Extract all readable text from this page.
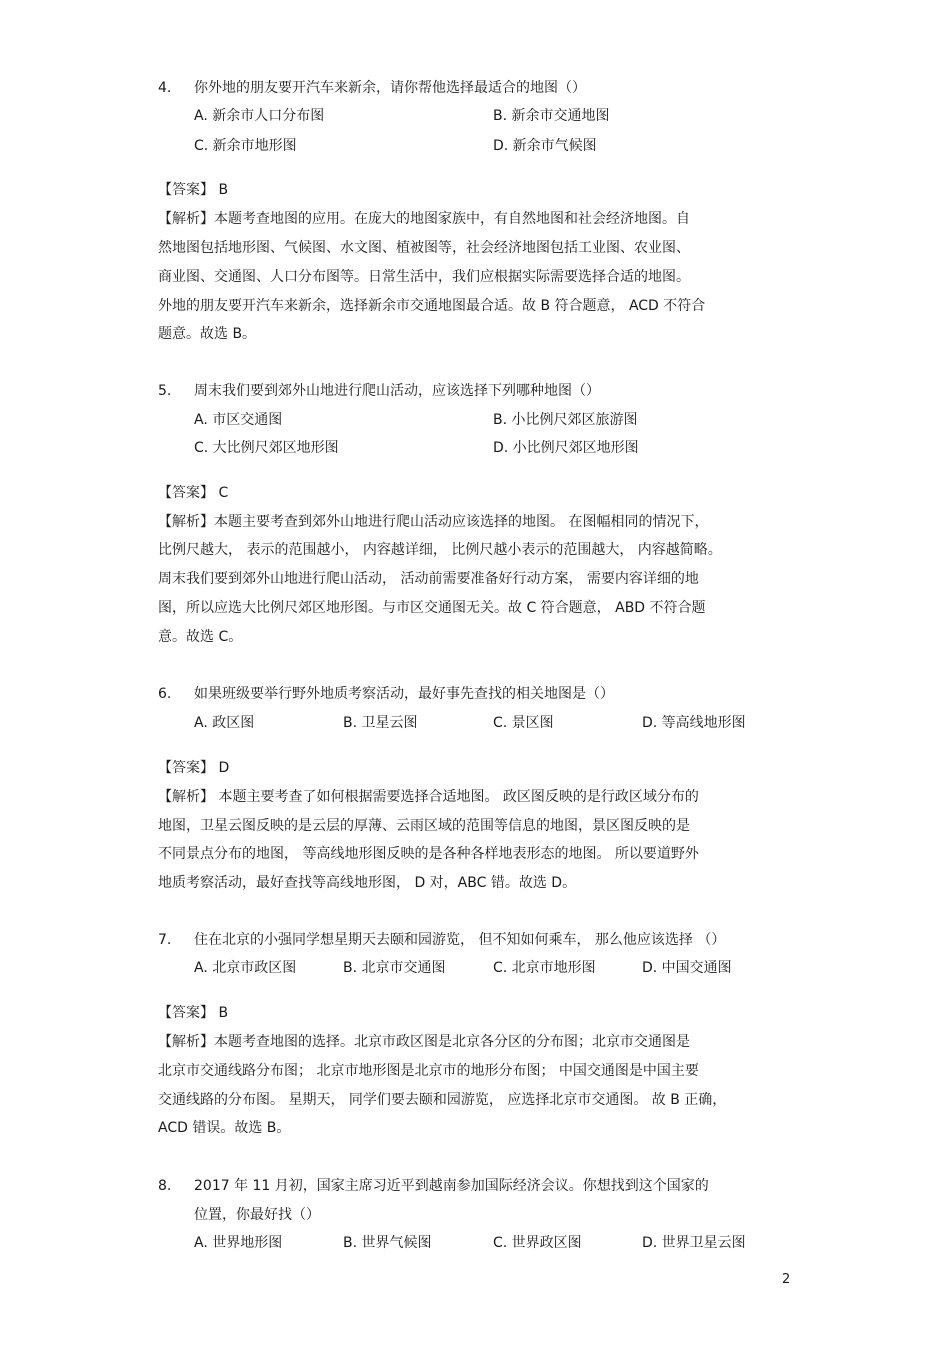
4. 你外地的朋友要开汽车来新余，请你帮他选择最适合的地图（）
A. 新余市人口分布图	B. 新余市交通地图
C. 新余市地形图	D. 新余市气候图
【答案】 B
【解析】本题考查地图的应用。在庞大的地图家族中，有自然地图和社会经济地图。自
然地图包括地形图、气候图、水文图、植被图等，社会经济地图包括工业图、农业图、
商业图、交通图、人口分布图等。日常生活中，我们应根据实际需要选择合适的地图。
外地的朋友要开汽车来新余，选择新余市交通地图最合适。故 B 符合题意， ACD 不符合
题意。故选 B。
5. 周末我们要到郊外山地进行爬山活动，应该选择下列哪种地图（）
A. 市区交通图	B. 小比例尺郊区旅游图
C. 大比例尺郊区地形图	D. 小比例尺郊区地形图
【答案】 C
【解析】本题主要考查到郊外山地进行爬山活动应该选择的地图。 在图幅相同的情况下，
比例尺越大， 表示的范围越小， 内容越详细， 比例尺越小表示的范围越大， 内容越简略。
周末我们要到郊外山地进行爬山活动， 活动前需要准备好行动方案， 需要内容详细的地
图，所以应选大比例尺郊区地形图。与市区交通图无关。故 C 符合题意， ABD 不符合题
意。故选 C。
6. 如果班级要举行野外地质考察活动，最好事先查找的相关地图是（）
A. 政区图	B. 卫星云图	C. 景区图	D. 等高线地形图
【答案】 D
【解析】 本题主要考查了如何根据需要选择合适地图。 政区图反映的是行政区域分布的
地图，卫星云图反映的是云层的厚薄、云雨区域的范围等信息的地图，景区图反映的是
不同景点分布的地图， 等高线地形图反映的是各种各样地表形态的地图。 所以要道野外
地质考察活动，最好查找等高线地形图， D 对，ABC 错。故选 D。
7. 住在北京的小强同学想星期天去颐和园游览， 但不知如何乘车， 那么他应该选择 （）
A. 北京市政区图	B. 北京市交通图	C. 北京市地形图	D. 中国交通图
【答案】 B
【解析】本题考查地图的选择。北京市政区图是北京各分区的分布图；北京市交通图是
北京市交通线路分布图； 北京市地形图是北京市的地形分布图； 中国交通图是中国主要
交通线路的分布图。 星期天， 同学们要去颐和园游览， 应选择北京市交通图。 故 B 正确，
ACD 错误。故选 B。
8. 2017 年 11 月初，国家主席习近平到越南参加国际经济会议。你想找到这个国家的
位置，你最好找（）
A. 世界地形图	B. 世界气候图	C. 世界政区图	D. 世界卫星云图
2
